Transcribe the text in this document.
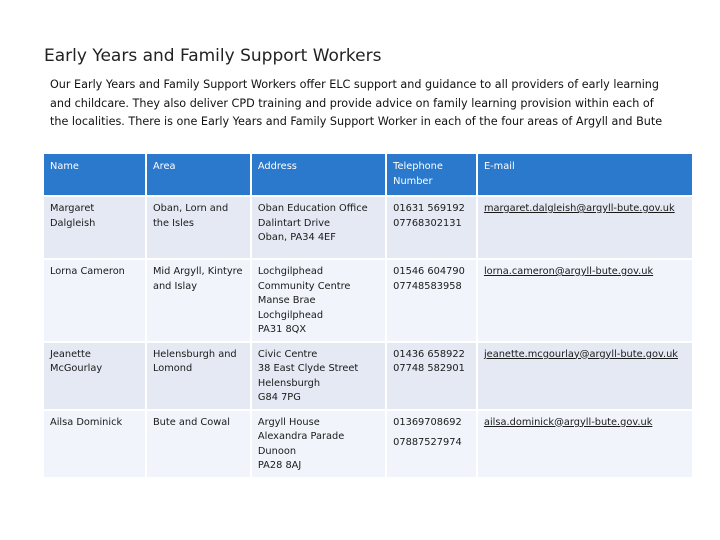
Early Years and Family Support Workers
Our Early Years and Family Support Workers offer ELC support and guidance to all providers of early learning
and childcare. They also deliver CPD training and provide advice on family learning provision within each of
the localities. There is one Early Years and Family Support Worker in each of the four areas of Argyll and Bute
Name	Area	Address	Telephone
Number	E-mail

Margaret
Dalgleish	Oban, Lorn and
the Isles	Oban Education Office
Dalintart Drive
Oban, PA34 4EF	01631 569192
07768302131	margaret.dalgleish@argyll-bute.gov.uk

Lorna Cameron	Mid Argyll, Kintyre
and Islay	Lochgilphead
Community Centre
Manse Brae
Lochgilphead
PA31 8QX	01546 604790
07748583958	lorna.cameron@argyll-bute.gov.uk

Jeanette
McGourlay	Helensburgh and
Lomond	Civic Centre
38 East Clyde Street
Helensburgh
G84 7PG	01436 658922
07748 582901	jeanette.mcgourlay@argyll-bute.gov.uk

Ailsa Dominick	Bute and Cowal	Argyll House
Alexandra Parade
Dunoon
PA28 8AJ	01369708692
07887527974	ailsa.dominick@argyll-bute.gov.uk
